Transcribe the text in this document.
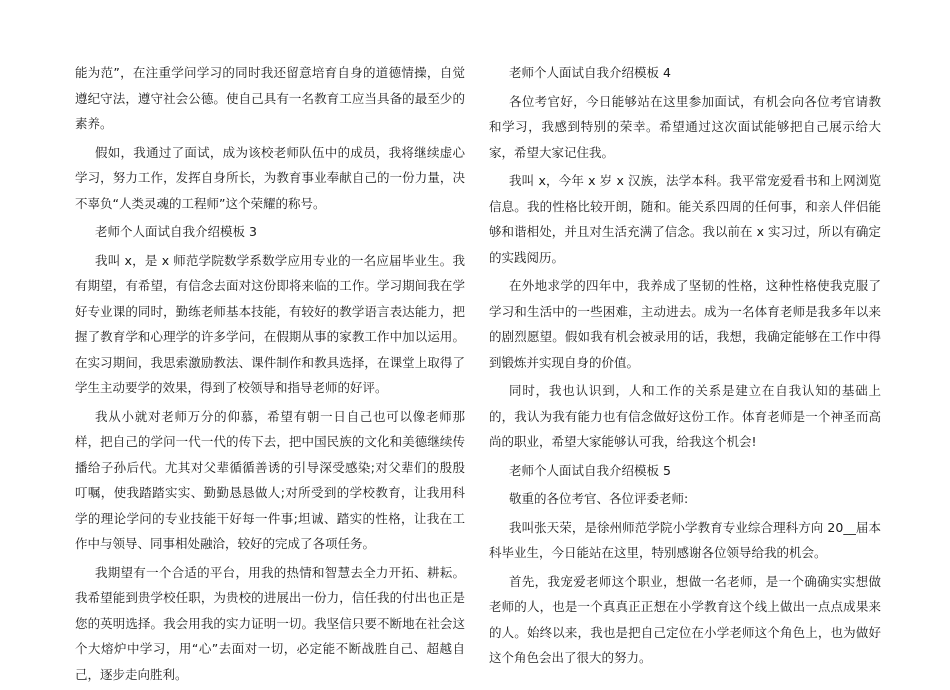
能为范”，在注重学问学习的同时我还留意培育自身的道德情操，自觉遵纪守法，遵守社会公德。使自己具有一名教育工应当具备的最至少的素养。

假如，我通过了面试，成为该校老师队伍中的成员，我将继续虚心学习，努力工作，发挥自身所长，为教育事业奉献自己的一份力量，决不辜负“人类灵魂的工程师”这个荣耀的称号。

老师个人面试自我介绍模板 3

我叫 x，是 x 师范学院数学系数学应用专业的一名应届毕业生。我有期望，有希望，有信念去面对这份即将来临的工作。学习期间我在学好专业课的同时，勤练老师基本技能，有较好的教学语言表达能力，把握了教育学和心理学的许多学问，在假期从事的家教工作中加以运用。在实习期间，我思索激励教法、课件制作和教具选择，在课堂上取得了学生主动要学的效果，得到了校领导和指导老师的好评。

我从小就对老师万分的仰慕，希望有朝一日自己也可以像老师那样，把自己的学问一代一代的传下去，把中国民族的文化和美德继续传播给子孙后代。尤其对父辈循循善诱的引导深受感染;对父辈们的殷殷叮嘱，使我踏踏实实、勤勤恳恳做人;对所受到的学校教育，让我用科学的理论学问的专业技能干好每一件事;坦诚、踏实的性格，让我在工作中与领导、同事相处融洽，较好的完成了各项任务。

我期望有一个合适的平台，用我的热情和智慧去全力开拓、耕耘。我希望能到贵学校任职，为贵校的进展出一份力，信任我的付出也正是您的英明选择。我会用我的实力证明一切。我坚信只要不断地在社会这个大熔炉中学习，用“心”去面对一切，必定能不断战胜自己、超越自己，逐步走向胜利。

老师个人面试自我介绍模板 4

各位考官好，今日能够站在这里参加面试，有机会向各位考官请教和学习，我感到特别的荣幸。希望通过这次面试能够把自己展示给大家，希望大家记住我。

我叫 x，今年 x 岁 x 汉族，法学本科。我平常宠爱看书和上网浏览信息。我的性格比较开朗，随和。能关系四周的任何事，和亲人伴侣能够和谐相处，并且对生活充满了信念。我以前在 x 实习过，所以有确定的实践阅历。

在外地求学的四年中，我养成了坚韧的性格，这种性格使我克服了学习和生活中的一些困难，主动进去。成为一名体育老师是我多年以来的剧烈愿望。假如我有机会被录用的话，我想，我确定能够在工作中得到锻炼并实现自身的价值。

同时，我也认识到，人和工作的关系是建立在自我认知的基础上的，我认为我有能力也有信念做好这份工作。体育老师是一个神圣而高尚的职业，希望大家能够认可我，给我这个机会!

老师个人面试自我介绍模板 5

敬重的各位考官、各位评委老师:

我叫张天荣，是徐州师范学院小学教育专业综合理科方向 20__届本科毕业生，今日能站在这里，特别感谢各位领导给我的机会。

首先，我宠爱老师这个职业，想做一名老师，是一个确确实实想做老师的人，也是一个真真正正想在小学教育这个线上做出一点点成果来的人。始终以来，我也是把自己定位在小学老师这个角色上，也为做好这个角色会出了很大的努力。
